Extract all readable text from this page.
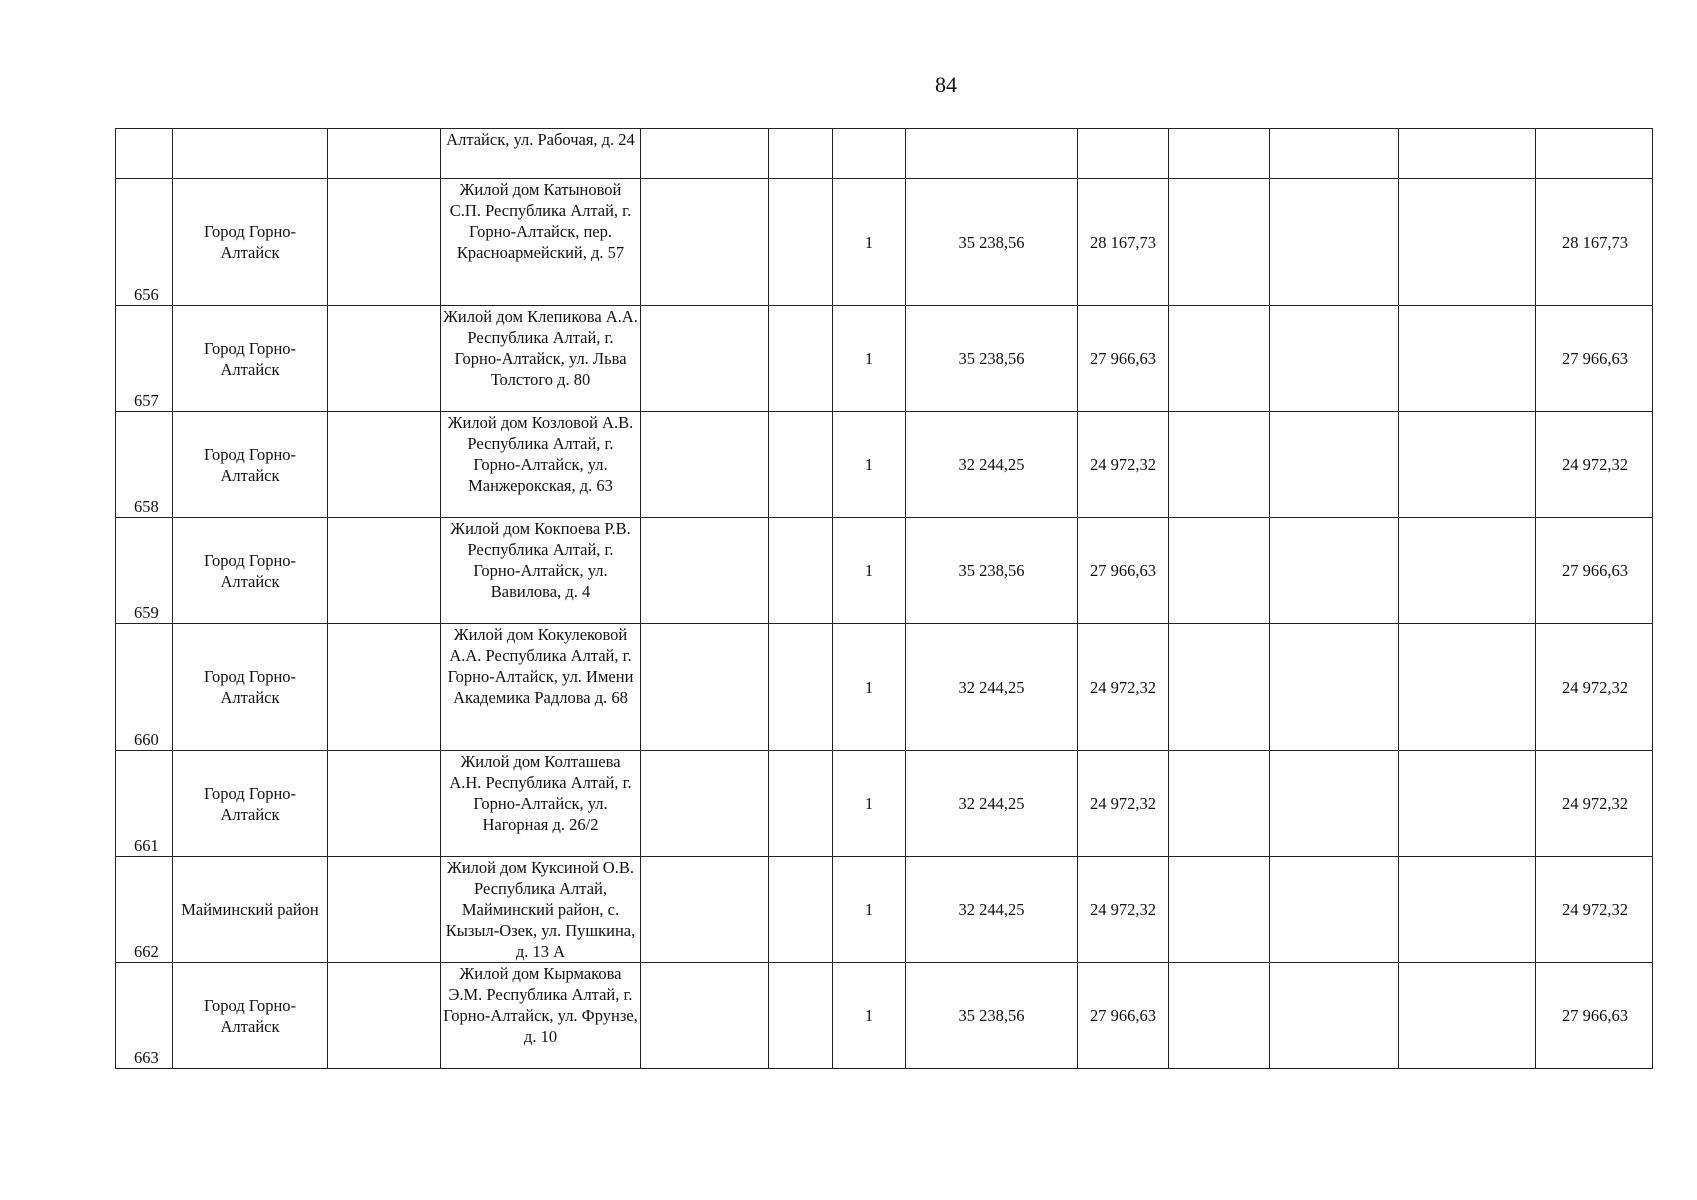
84
			Алтайск, ул. Рабочая, д. 24									
656	Город Горно-Алтайск		Жилой дом Катыновой С.П. Республика Алтай, г. Горно-Алтайск, пер. Красноармейский, д. 57			1	35 238,56	28 167,73				28 167,73
657	Город Горно-Алтайск		Жилой дом Клепикова А.А. Республика Алтай, г. Горно-Алтайск, ул. Льва Толстого д. 80			1	35 238,56	27 966,63				27 966,63
658	Город Горно-Алтайск		Жилой дом Козловой А.В. Республика Алтай, г. Горно-Алтайск, ул. Манжерокская, д. 63			1	32 244,25	24 972,32				24 972,32
659	Город Горно-Алтайск		Жилой дом Кокпоева Р.В. Республика Алтай, г. Горно-Алтайск, ул. Вавилова, д. 4			1	35 238,56	27 966,63				27 966,63
660	Город Горно-Алтайск		Жилой дом Кокулековой А.А. Республика Алтай, г. Горно-Алтайск, ул. Имени Академика Радлова д. 68			1	32 244,25	24 972,32				24 972,32
661	Город Горно-Алтайск		Жилой дом Колташева А.Н. Республика Алтай, г. Горно-Алтайск, ул. Нагорная д. 26/2			1	32 244,25	24 972,32				24 972,32
662	Майминский район		Жилой дом Куксиной О.В. Республика Алтай, Майминский район, с. Кызыл-Озек, ул. Пушкина, д. 13 А			1	32 244,25	24 972,32				24 972,32
663	Город Горно-Алтайск		Жилой дом Кырмакова Э.М. Республика Алтай, г. Горно-Алтайск, ул. Фрунзе, д. 10			1	35 238,56	27 966,63				27 966,63
